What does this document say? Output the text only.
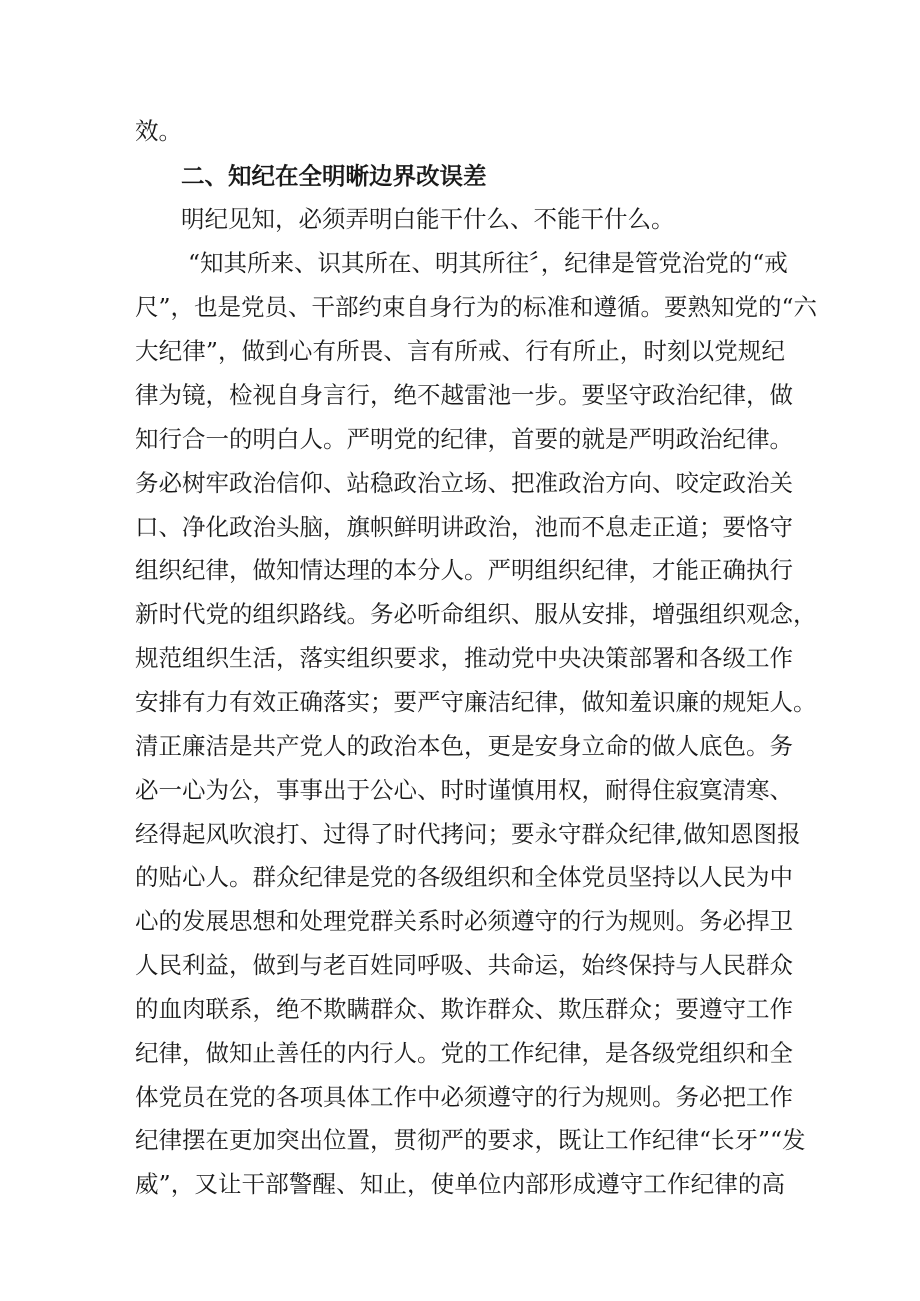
效。
二、知纪在全明晰边界改误差
明纪见知，必须弄明白能干什么、不能干什么。
“知其所来、识其所在、明其所往〞，纪律是管党治党的“戒
尺”，也是党员、干部约束自身行为的标准和遵循。要熟知党的“六
大纪律”，做到心有所畏、言有所戒、行有所止，时刻以党规纪
律为镜，检视自身言行，绝不越雷池一步。要坚守政治纪律，做
知行合一的明白人。严明党的纪律，首要的就是严明政治纪律。
务必树牢政治信仰、站稳政治立场、把准政治方向、咬定政治关
口、净化政治头脑，旗帜鲜明讲政治，池而不息走正道；要恪守
组织纪律，做知情达理的本分人。严明组织纪律，才能正确执行
新时代党的组织路线。务必听命组织、服从安排，增强组织观念，
规范组织生活，落实组织要求，推动党中央决策部署和各级工作
安排有力有效正确落实；要严守廉洁纪律，做知羞识廉的规矩人。
清正廉洁是共产党人的政治本色，更是安身立命的做人底色。务
必一心为公，事事出于公心、时时谨慎用权，耐得住寂寞清寒、
经得起风吹浪打、过得了时代拷问；要永守群众纪律,做知恩图报
的贴心人。群众纪律是党的各级组织和全体党员坚持以人民为中
心的发展思想和处理党群关系时必须遵守的行为规则。务必捍卫
人民利益，做到与老百姓同呼吸、共命运，始终保持与人民群众
的血肉联系，绝不欺瞒群众、欺诈群众、欺压群众；要遵守工作
纪律，做知止善任的内行人。党的工作纪律，是各级党组织和全
体党员在党的各项具体工作中必须遵守的行为规则。务必把工作
纪律摆在更加突出位置，贯彻严的要求，既让工作纪律“长牙”“发
威”，又让干部警醒、知止，使单位内部形成遵守工作纪律的高
